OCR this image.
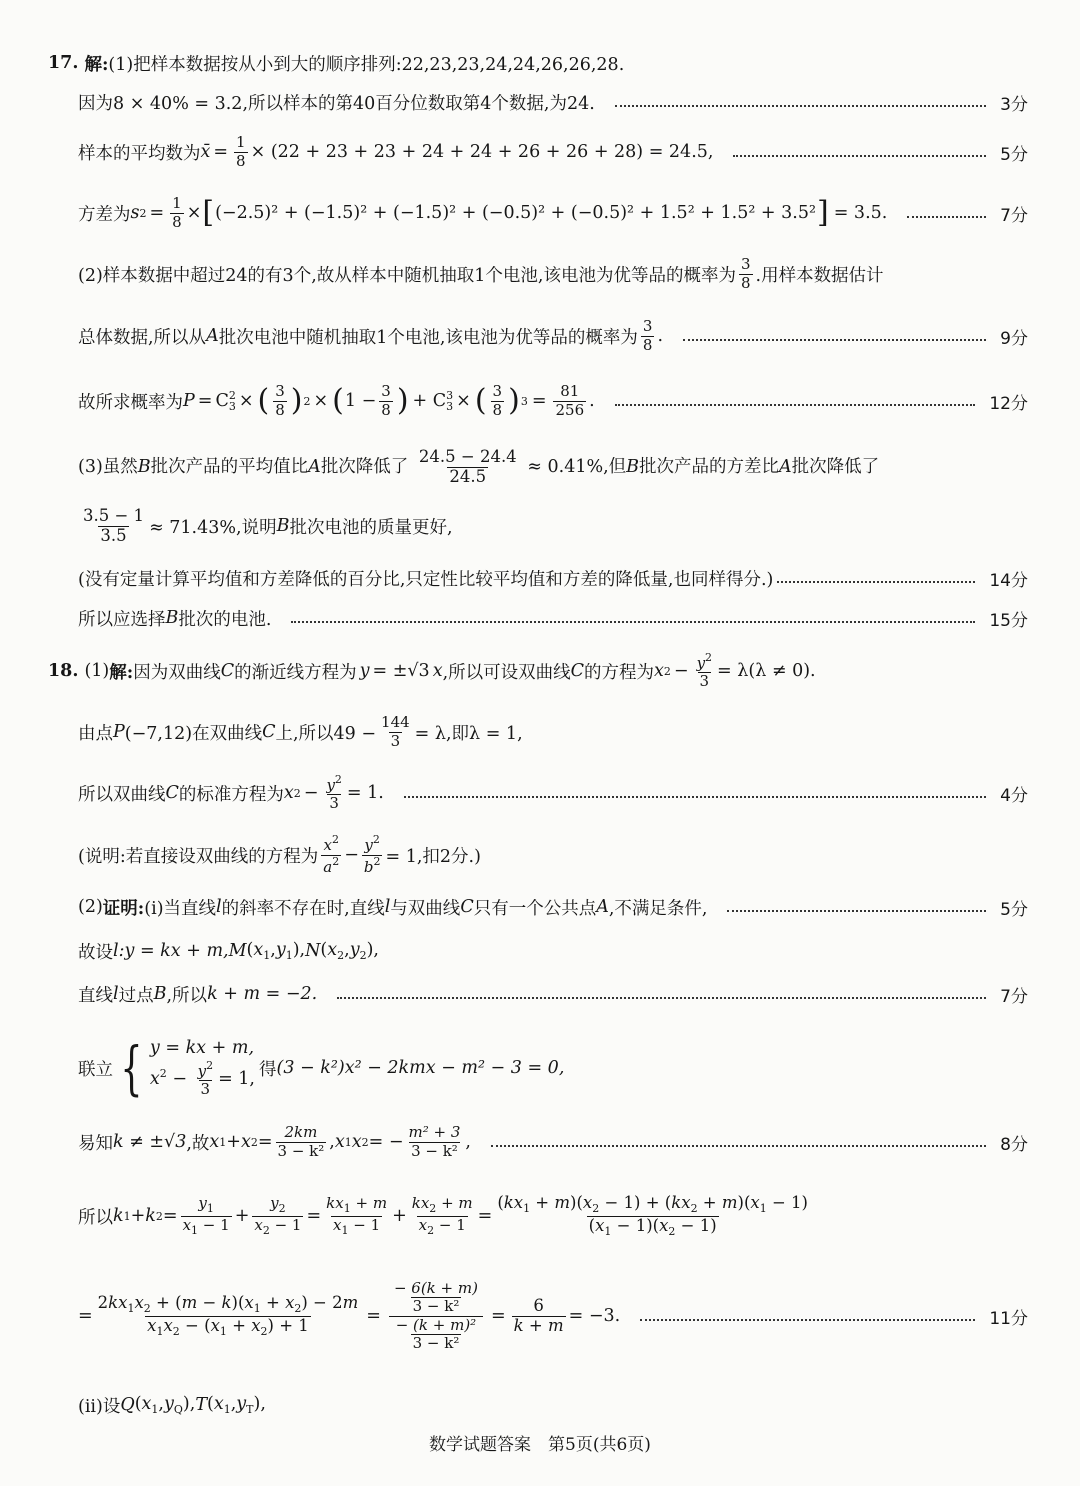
17. 解: (1)把样本数据按从小到大的顺序排列:22,23,23,24,24,26,26,28.
因为8 × 40% = 3.2,所以样本的第40百分位数取第4个数据,为24.	3分
样本的平均数为 x̄ = $\frac{1}{8} \times (22 + 23 + 23 + 24 + 24 + 26 + 26 + 28) = 24.5$,	5分
方差为 s $2 = \frac{1}{8}$ × [ (−2.5)² + (−1.5)² + (−1.5)² + (−0.5)² + (−0.5)² + 1.5² + 1.5² + 3.5² ] = 3.5.	7分
(2)样本数据中超过24的有3个,故从样本中随机抽取1个电池,该电池为优等品的概率为
3
8 .用样本数据估计
总体数据,所以从 A 批次电池中随机抽取1个电池,该电池为优等品的概率为
3
8 .	9分
故所求概率为 P = C 2
3 × ( 3
8 ) 2 × ( $1 - \frac{3}{8}$ ) + C 3
3 × ( 3
8 ) $3 = \frac{81}{256}$ .	12分
(3)虽然B批次产品的平均值比A批次降低了 $\frac{24.5 - 24.4}{24.5} \approx 0.41\%$,但B批次产品的方差比A批次降低了
$\frac{3.5 - 1}{3.5} \approx 71.43\%$,说明 B 批次电池的质量更好,
(没有定量计算平均值和方差降低的百分比,只定性比较平均值和方差的降低量,也同样得分.)	14分
所以应选择 B 批次的电池.	15分
18. (1) 解: 因为双曲线 C 的渐近线方程为 y = ±√3 x ,所以可设双曲线 C 的方程为 x $2 - \frac{y^2}{3} = \lambda(\lambda \ne 0)$.
由点 P (−7,12)在双曲线 C 上,所以$49 - \frac{144}{3} = \lambda$,即λ = 1,
所以双曲线 C 的标准方程为 x $2 - \frac{y^2}{3} = 1$.	4分
(说明:若直接设双曲线的方程为
$x^2$
$a^2 - \frac{y^2}{b^2} = 1$,扣2分.)
(2) 证明: (i)当直线 l 的斜率不存在时,直线 l 与双曲线 C 只有一个公共点 A ,不满足条件,	5分
故设 l :y = kx + m, M $(x_1,y_1)$, N $(x_2,y_2)$,
直线 l 过点 B ,所以 k + m = −2.	7分
联立 { y = kx + m,
$x^2 - \frac{y^2}{3} = 1$, 得 (3 − k²)x² − 2kmx − m² − 3 = 0,
易知 k ≠ ±√3 ,故 x 1 + x 2 = 2km
3 − k² , x 1 x 2 = − m² + 3
3 − k² ,	8分
所以 k 1 + k 2 =
$y_1$
$x_1 - 1$ +
$y_2$
$x_2 - 1$ =
$kx_1 + m$
$x_1 - 1$ +
$kx_2 + m$
$x_2 - 1$ =
$(kx_1 + m)(x_2 - 1) + (kx_2 + m)(x_1 - 1)$
$(x_1 - 1)(x_2 - 1)$
= $\frac{2kx_1x_2 + (m - k)(x_1 + x_2) - 2m}{x_1x_2 - (x_1 + x_2) + 1} = \frac{\frac{- 6(k + m)}{\text{3 − k²}}}{\frac{\text{− (k + m)²}}{\text{3 − k²}}} = \frac{6}{k + m} = -3$.	11分
(ii)设 Q $(x_1,y_Q)$, T $(x_1,y_T)$,
数学试题答案　第5页(共6页)
